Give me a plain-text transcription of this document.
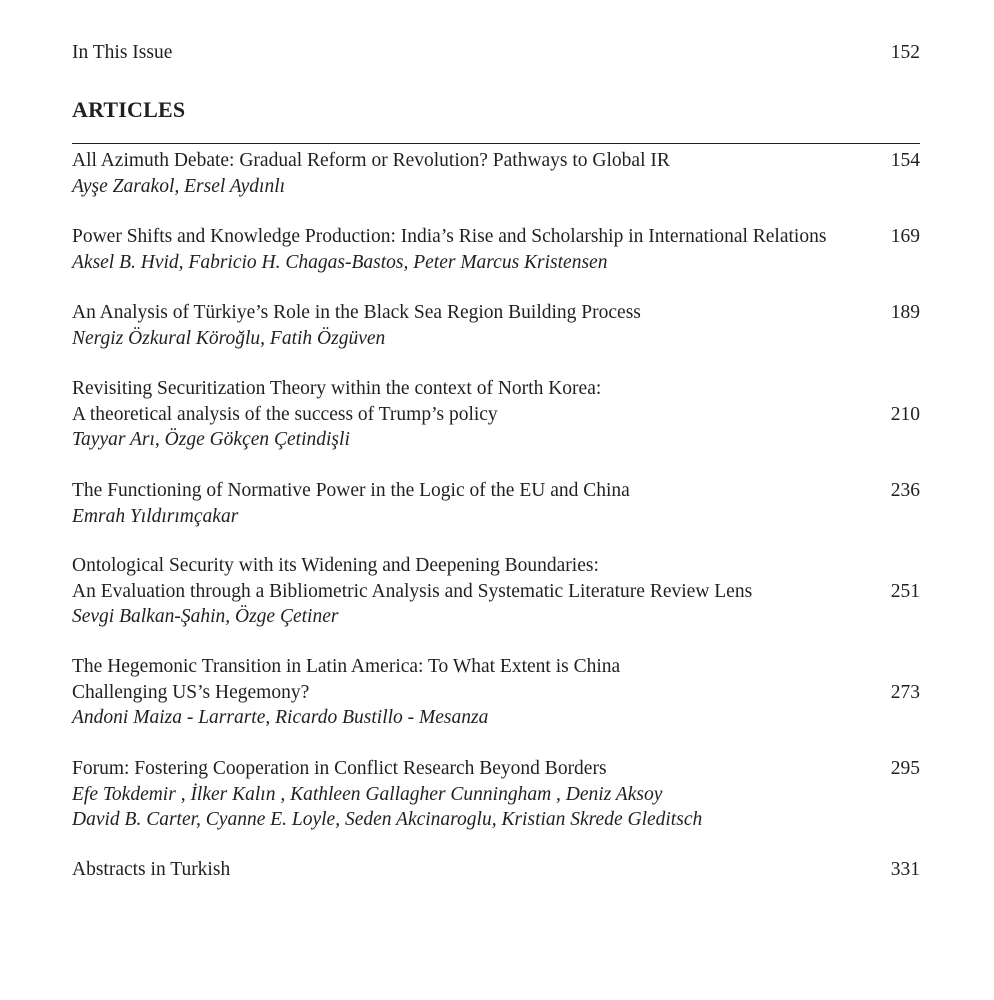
In This Issue	152
ARTICLES
All Azimuth Debate: Gradual Reform or Revolution? Pathways to Global IR
Ayşe Zarakol, Ersel Aydınlı
154
Power Shifts and Knowledge Production: India’s Rise and Scholarship in International Relations
Aksel B. Hvid, Fabricio H. Chagas-Bastos, Peter Marcus Kristensen
169
An Analysis of Türkiye’s Role in the Black Sea Region Building Process
Nergiz Özkural Köroğlu, Fatih Özgüven
189
Revisiting Securitization Theory within the context of North Korea:
A theoretical analysis of the success of Trump’s policy
Tayyar Arı, Özge Gökçen Çetindişli
210
The Functioning of Normative Power in the Logic of the EU and China
Emrah Yıldırımçakar
236
Ontological Security with its Widening and Deepening Boundaries:
An Evaluation through a Bibliometric Analysis and Systematic Literature Review Lens
Sevgi Balkan-Şahin, Özge Çetiner
251
The Hegemonic Transition in Latin America: To What Extent is China
Challenging US’s Hegemony?
Andoni Maiza - Larrarte, Ricardo Bustillo - Mesanza
273
Forum: Fostering Cooperation in Conflict Research Beyond Borders
Efe Tokdemir , İlker Kalın , Kathleen Gallagher Cunningham , Deniz Aksoy
David B. Carter, Cyanne E. Loyle, Seden Akcinaroglu, Kristian Skrede Gleditsch
295
Abstracts in Turkish	331
